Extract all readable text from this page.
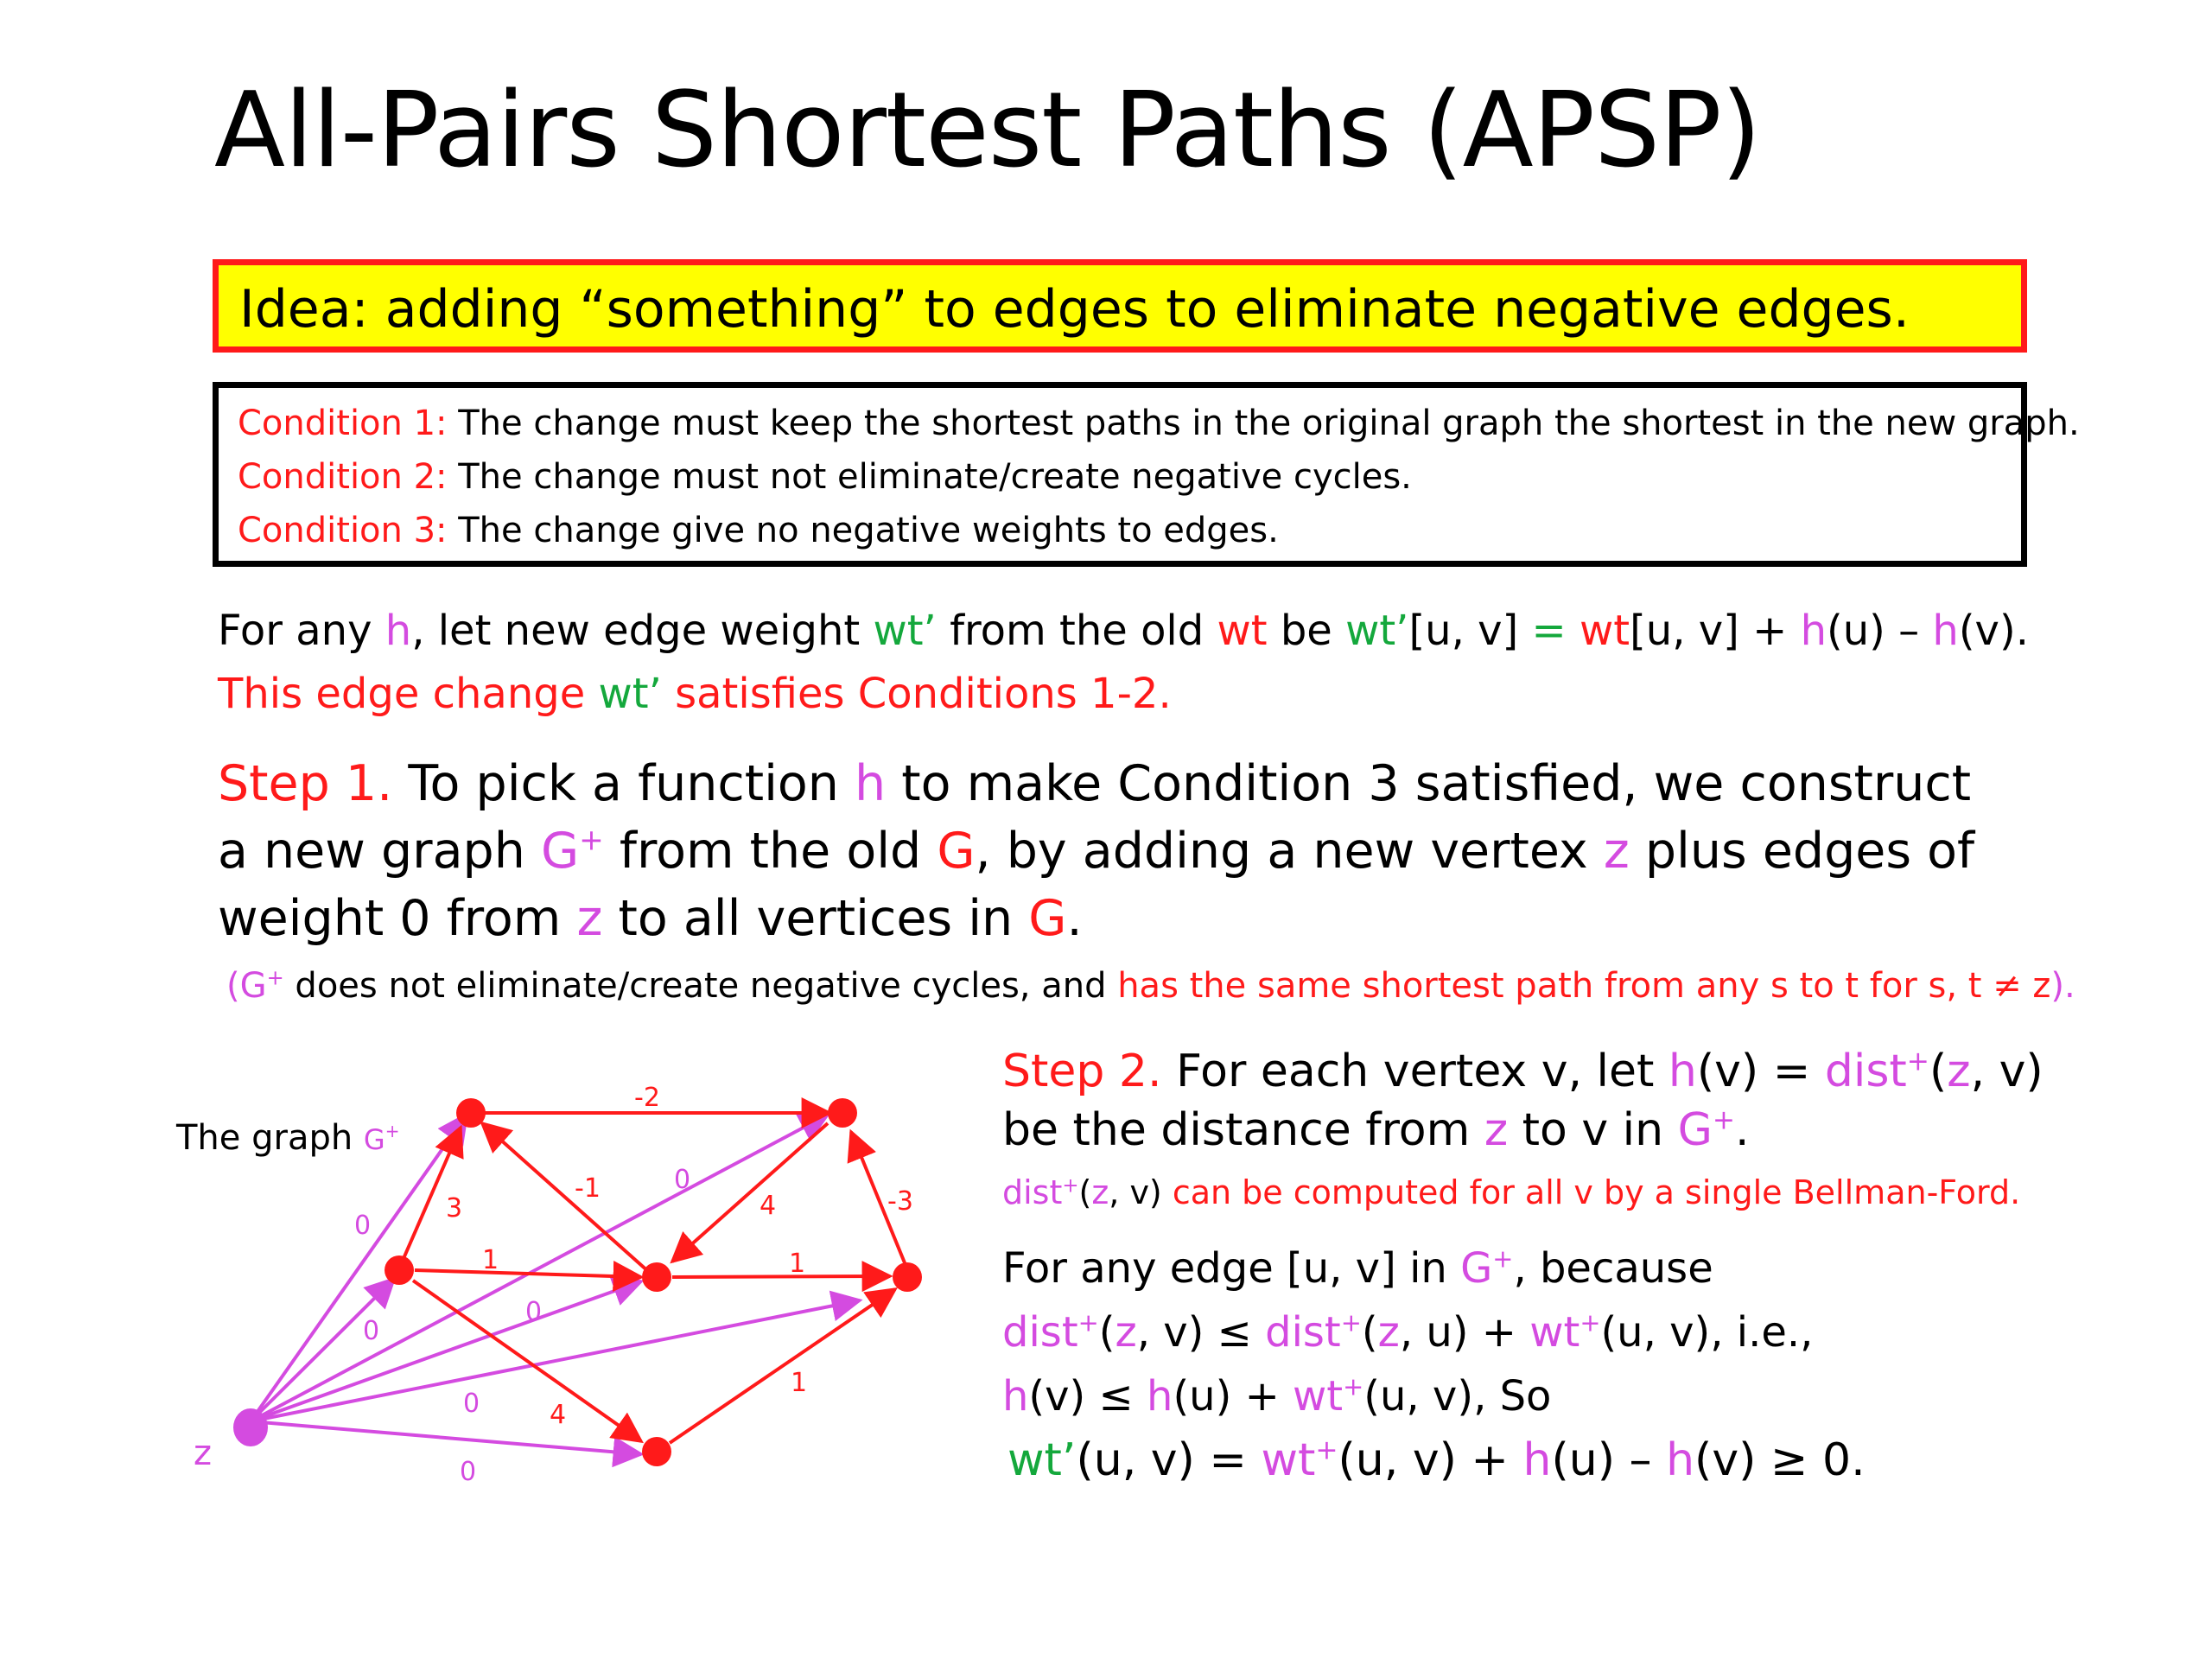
All-Pairs Shortest Paths (APSP)
Idea: adding “something” to edges to eliminate negative edges.
Condition 1: The change must keep the shortest paths in the original graph the shortest in the new graph.
Condition 2: The change must not eliminate/create negative cycles.
Condition 3: The change give no negative weights to edges.
For any h, let new edge weight wt’ from the old wt be wt’[u, v] = wt[u, v] + h(u) – h(v).
This edge change wt’ satisfies Conditions 1-2.
Step 1. To pick a function h to make Condition 3 satisfied, we construct
a new graph G+ from the old G, by adding a new vertex z plus edges of
weight 0 from z to all vertices in G.
(G+ does not eliminate/create negative cycles, and has the same shortest path from any s to t for s, t ≠ z).
Step 2. For each vertex v, let h(v) = dist+(z, v)
be the distance from z to v in G+.
dist+(z, v) can be computed for all v by a single Bellman-Ford.
For any edge [u, v] in G+, because
dist+(z, v) ≤ dist+(z, u) + wt+(u, v), i.e.,
h(v) ≤ h(u) + wt+(u, v), So
wt’(u, v) = wt+(u, v) + h(u) – h(v) ≥ 0.
The graph G+
z
-2
-1	-3
3	4
1	1
4
1
0
0
0
0
0
0
